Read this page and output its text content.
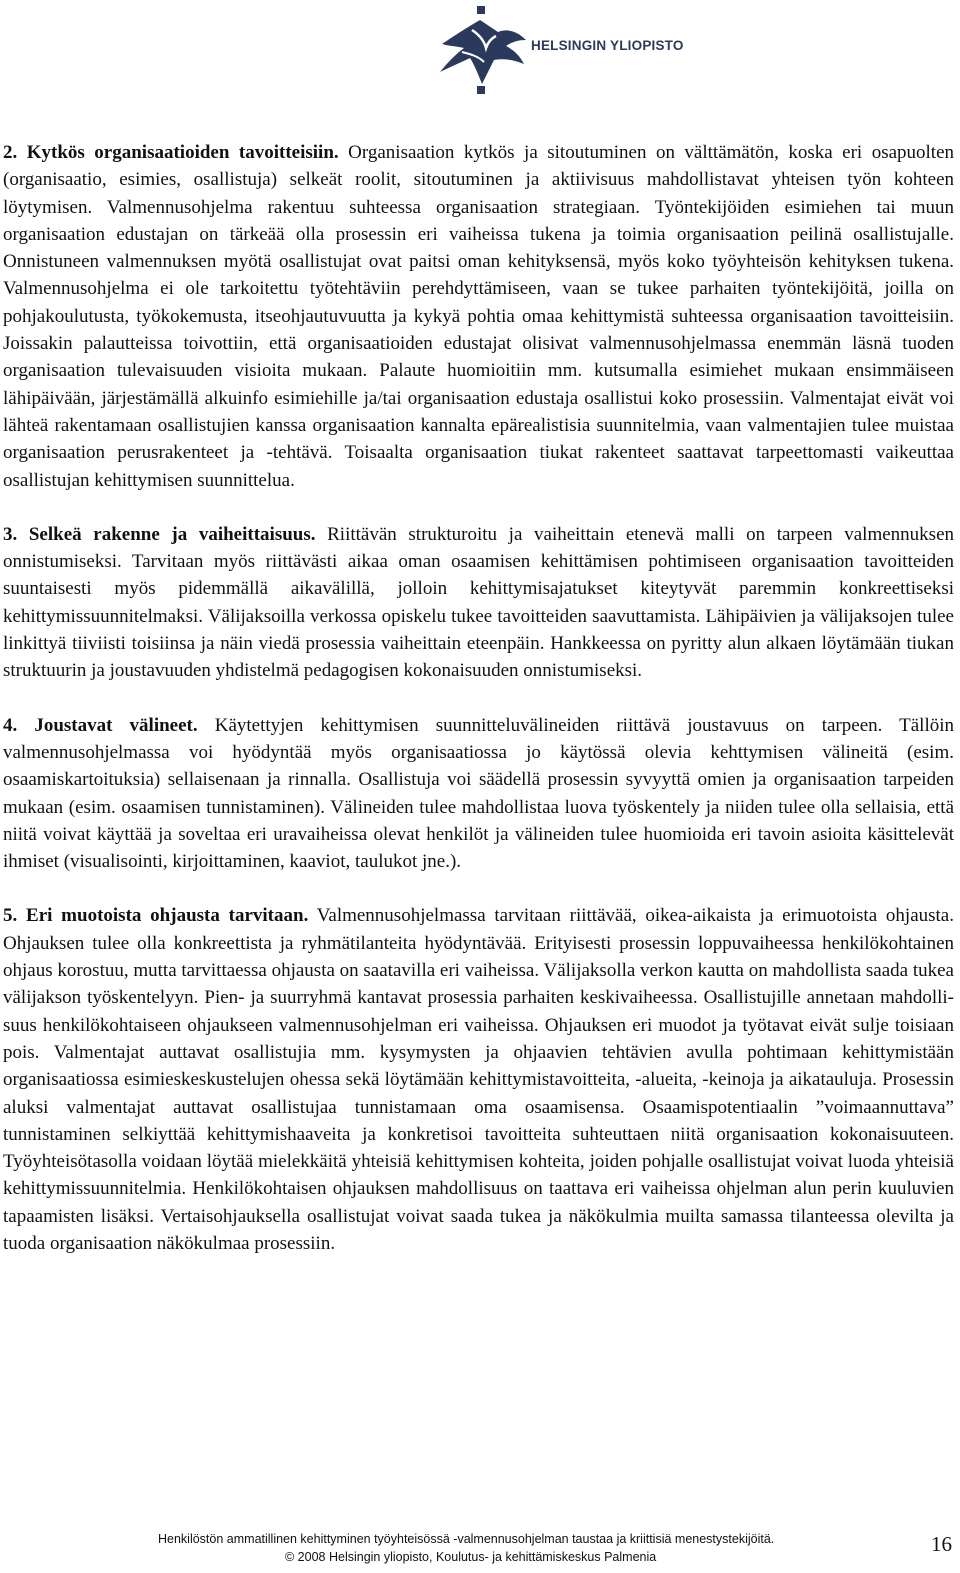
HELSINGIN YLIOPISTO

2. Kytkös organisaatioiden tavoitteisiin. Organisaation kytkös ja sitoutuminen on välttämätön, koska eri osapuolten (organisaatio, esimies, osallistuja) selkeät roolit, sitoutuminen ja aktiivisuus mahdollistavat yhteisen työn kohteen löytymisen. Valmennusohjelma rakentuu suhteessa organisaation strategiaan. Työntekijöiden esimiehen tai muun organisaation edustajan on tärkeää olla prosessin eri vaiheissa tukena ja toimia organisaation peilinä osallistujalle. Onnistuneen valmennuksen myötä osallistujat ovat paitsi oman kehityksensä, myös koko työyhteisön kehityksen tukena. Valmennusohjelma ei ole tarkoitettu työtehtäviin perehdyttämiseen, vaan se tukee parhaiten työntekijöitä, joilla on pohjakoulutusta, työkokemusta, itseohjautuvuutta ja kykyä pohtia omaa kehittymistä suhteessa organisaation tavoitteisiin. Joissakin palautteissa toivottiin, että organisaatioiden edustajat olisivat valmennusohjelmassa enemmän läsnä tuoden organisaation tulevaisuuden visioita mukaan. Palaute huomioitiin mm. kutsumalla esimiehet mukaan ensimmäiseen lähipäivään, järjestämällä alkuinfo esimiehille ja/tai organisaation edustaja osallistui koko prosessiin. Valmentajat eivät voi lähteä rakentamaan osallistujien kanssa organisaation kannalta epärealistisia suunnitelmia, vaan valmentajien tulee muistaa organisaation perusrakenteet ja -tehtävä. Toisaalta organisaation tiukat rakenteet saattavat tarpeettomasti vaikeuttaa osallistujan kehittymisen suunnittelua.

3. Selkeä rakenne ja vaiheittaisuus. Riittävän strukturoitu ja vaiheittain etenevä malli on tarpeen valmennuksen onnistumiseksi. Tarvitaan myös riittävästi aikaa oman osaamisen kehittämisen pohtimiseen organisaation tavoitteiden suuntaisesti myös pidemmällä aikavälillä, jolloin kehittymisajatukset kiteytyvät paremmin konkreettiseksi kehittymissuunnitelmaksi. Välijaksoilla verkossa opiskelu tukee tavoitteiden saavuttamista. Lähipäivien ja välijaksojen tulee linkittyä tiiviisti toisiinsa ja näin viedä prosessia vaiheittain eteenpäin. Hankkeessa on pyritty alun alkaen löytämään tiukan struktuurin ja joustavuuden yhdistelmä pedagogisen kokonaisuuden onnistumiseksi.

4. Joustavat välineet. Käytettyjen kehittymisen suunnitteluvälineiden riittävä joustavuus on tarpeen. Tällöin valmennusohjelmassa voi hyödyntää myös organisaatiossa jo käytössä olevia kehttymisen välineitä (esim. osaamiskartoituksia) sellaisenaan ja rinnalla. Osallistuja voi säädellä prosessin syvyyttä omien ja organisaation tarpeiden mukaan (esim. osaamisen tunnistaminen). Välineiden tulee mahdollistaa luova työskentely ja niiden tulee olla sellaisia, että niitä voivat käyttää ja soveltaa eri uravaiheissa olevat henkilöt ja välineiden tulee huomioida eri tavoin asioita käsittelevät ihmiset (visualisointi, kirjoittaminen, kaaviot, taulukot jne.).

5. Eri muotoista ohjausta tarvitaan. Valmennusohjelmassa tarvitaan riittävää, oikea-aikaista ja erimuotoista ohjausta. Ohjauksen tulee olla konkreettista ja ryhmätilanteita hyödyntävää. Erityisesti prosessin loppuvaiheessa henkilökohtainen ohjaus korostuu, mutta tarvittaessa ohjausta on saatavilla eri vaiheissa. Välijaksolla verkon kautta on mahdollista saada tukea välijakson työskentelyyn. Pien- ja suurryhmä kantavat prosessia parhaiten keskivaiheessa. Osallistujille annetaan mahdollisuus henkilökohtaiseen ohjaukseen valmennusohjelman eri vaiheissa. Ohjauksen eri muodot ja työtavat eivät sulje toisiaan pois. Valmentajat auttavat osallistujia mm. kysymysten ja ohjaavien tehtävien avulla pohtimaan kehittymistään organisaatiossa esimieskeskustelujen ohessa sekä löytämään kehittymistavoitteita, -alueita, -keinoja ja aikatauluja. Prosessin aluksi valmentajat auttavat osallistujaa tunnistamaan oma osaamisensa. Osaamispotentiaalin ”voimaannuttava” tunnistaminen selkiyttää kehittymishaaveita ja konkretisoi tavoitteita suhteuttaen niitä organisaation kokonaisuuteen. Työyhteisötasolla voidaan löytää mielekkäitä yhteisiä kehittymisen kohteita, joiden pohjalle osallistujat voivat luoda yhteisiä kehittymissuunnitelmia. Henkilökohtaisen ohjauksen mahdollisuus on taattava eri vaiheissa ohjelman alun perin kuuluvien tapaamisten lisäksi. Vertaisohjauksella osallistujat voivat saada tukea ja näkökulmia muilta samassa tilanteessa olevilta ja tuoda organisaation näkökulmaa prosessiin.

Henkilöstön ammatillinen kehittyminen työyhteisössä -valmennusohjelman taustaa ja kriittisiä menestystekijöitä.
© 2008 Helsingin yliopisto, Koulutus- ja kehittämiskeskus Palmenia
16
